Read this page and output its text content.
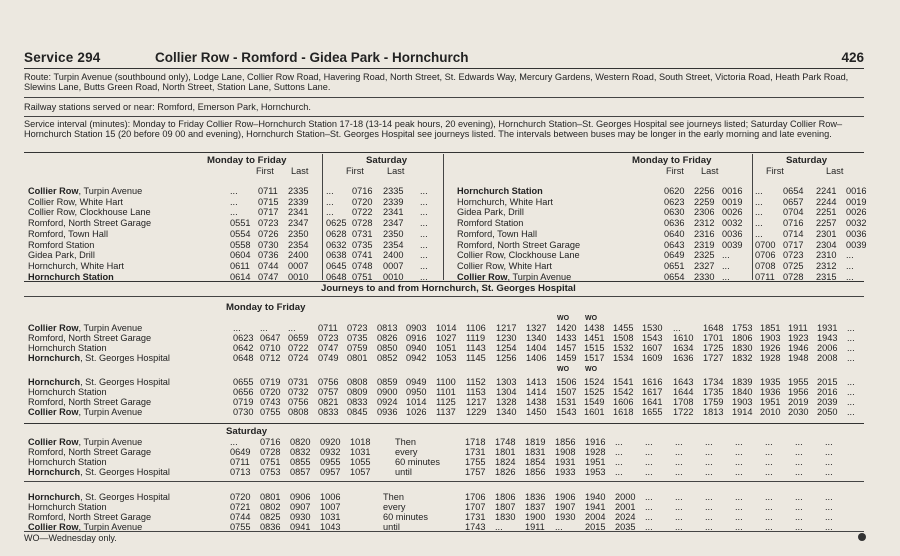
Service 294	Collier Row - Romford - Gidea Park - Hornchurch	426
Route: Turpin Avenue (southbound only), Lodge Lane, Collier Row Road, Havering Road, North Street, St. Edwards Way, Mercury Gardens, Western Road, South Street, Victoria Road, Heath Park Road, Slewins Lane, Butts Green Road, North Street, Station Lane, Suttons Lane.
Railway stations served or near: Romford, Emerson Park, Hornchurch.
Service interval (minutes): Monday to Friday Collier Row–Hornchurch Station 17-18 (13-14 peak hours, 20 evening), Hornchurch Station–St. Georges Hospital see journeys listed; Saturday Collier Row–Hornchurch Station 15 (20 before 09 00 and evening), Hornchurch Station–St. Georges Hospital see journeys listed. The intervals between buses may be longer in the early morning and late evening.
Monday to Friday	Saturday
First Last	First	Last
Monday to Friday	Saturday
First Last	First	Last
Collier Row, Turpin Avenue	... 0711 2335 ... 0716 2335 ...
Collier Row, White Hart	... 0715 2339 ... 0720 2339 ...
Collier Row, Clockhouse Lane	... 0717 2341 ... 0722 2341 ...
Romford, North Street Garage	0551 0723 2347 0625 0728 2347 ...
Romford, Town Hall	0554 0726 2350 0628 0731 2350 ...
Romford Station	0558 0730 2354 0632 0735 2354 ...
Gidea Park, Drill	0604 0736 2400 0638 0741 2400 ...
Hornchurch, White Hart	0611 0744 0007 0645 0748 0007 ...
Hornchurch Station	0614 0747 0010 0648 0751 0010 ...
Hornchurch Station	0620 2256 0016 ... 0654 2241 0016
Hornchurch, White Hart	0623 2259 0019 ... 0657 2244 0019
Gidea Park, Drill	0630 2306 0026 ... 0704 2251 0026
Romford Station	0636 2312 0032 ... 0716 2257 0032
Romford, Town Hall	0640 2316 0036 ... 0714 2301 0036
Romford, North Street Garage	0643 2319 0039 0700 0717 2304 0039
Collier Row, Clockhouse Lane	0649 2325 ...	0706 0723 2310 ...
Collier Row, White Hart	0651 2327 ...	0708 0725 2312 ...
Collier Row, Turpin Avenue	0654 2330 ...	0711 0728 2315 ...
Journeys to and from Hornchurch, St. Georges Hospital
Monday to Friday
WO WO
WO WO
Collier Row, Turpin Avenue	... ... ... 0711 0723 0813 0903 1014 1106 1217 1327 1420 1438 1455 1530 ... 1648 1753 1851 1911 1931 ...
Romford, North Street Garage	0623 0647 0659 0723 0735 0826 0916 1027 1119 1230 1340 1433 1451 1508 1543 1610 1701 1806 1903 1923 1943 ...
Hornchurch Station	0642 0710 0722 0747 0759 0850 0940 1051 1143 1254 1404 1457 1515 1532 1607 1634 1725 1830 1926 1946 2006 ...
Hornchurch, St. Georges Hospital	0648 0712 0724 0749 0801 0852 0942 1053 1145 1256 1406 1459 1517 1534 1609 1636 1727 1832 1928 1948 2008 ...
Hornchurch, St. Georges Hospital	0655 0719 0731 0756 0808 0859 0949 1100 1152 1303 1413 1506 1524 1541 1616 1643 1734 1839 1935 1955 2015 ...
Hornchurch Station	0656 0720 0732 0757 0809 0900 0950 1101 1153 1304 1414 1507 1525 1542 1617 1644 1735 1840 1936 1956 2016 ...
Romford, North Street Garage	0719 0743 0756 0821 0833 0924 1014 1125 1217 1328 1438 1531 1549 1606 1641 1708 1759 1903 1951 2019 2039 ...
Collier Row, Turpin Avenue	0730 0755 0808 0833 0845 0936 1026 1137 1229 1340 1450 1543 1601 1618 1655 1722 1813 1914 2010 2030 2050 ...
Saturday
Collier Row, Turpin Avenue	... 0716 0820 0920 1018	Then	1718 1748 1819 1856 1916 ... ... ... ... ... ... ... ...
Romford, North Street Garage	0649 0728 0832 0932 1031	every	1731 1801 1831 1908 1928 ... ... ... ... ... ... ... ...
Hornchurch Station	0711 0751 0855 0955 1055	60 minutes	1755 1824 1854 1931 1951 ... ... ... ... ... ... ... ...
Hornchurch, St. Georges Hospital	0713 0753 0857 0957 1057	until	1757 1826 1856 1933 1953 ... ... ... ... ... ... ... ...
Hornchurch, St. Georges Hospital	0720 0801 0906 1006	Then	1706 1806 1836 1906 1940 2000 ... ... ... ... ... ... ...
Hornchurch Station	0721 0802 0907 1007	every	1707 1807 1837 1907 1941 2001 ... ... ... ... ... ... ...
Romford, North Street Garage	0744 0825 0930 1031	60 minutes	1731 1830 1900 1930 2004 2024 ... ... ... ... ... ... ...
Collier Row, Turpin Avenue	0755 0836 0941 1043	until	1743 ... 1911 ... 2015 2035 ... ... ... ... ... ... ...
WO—Wednesday only.
